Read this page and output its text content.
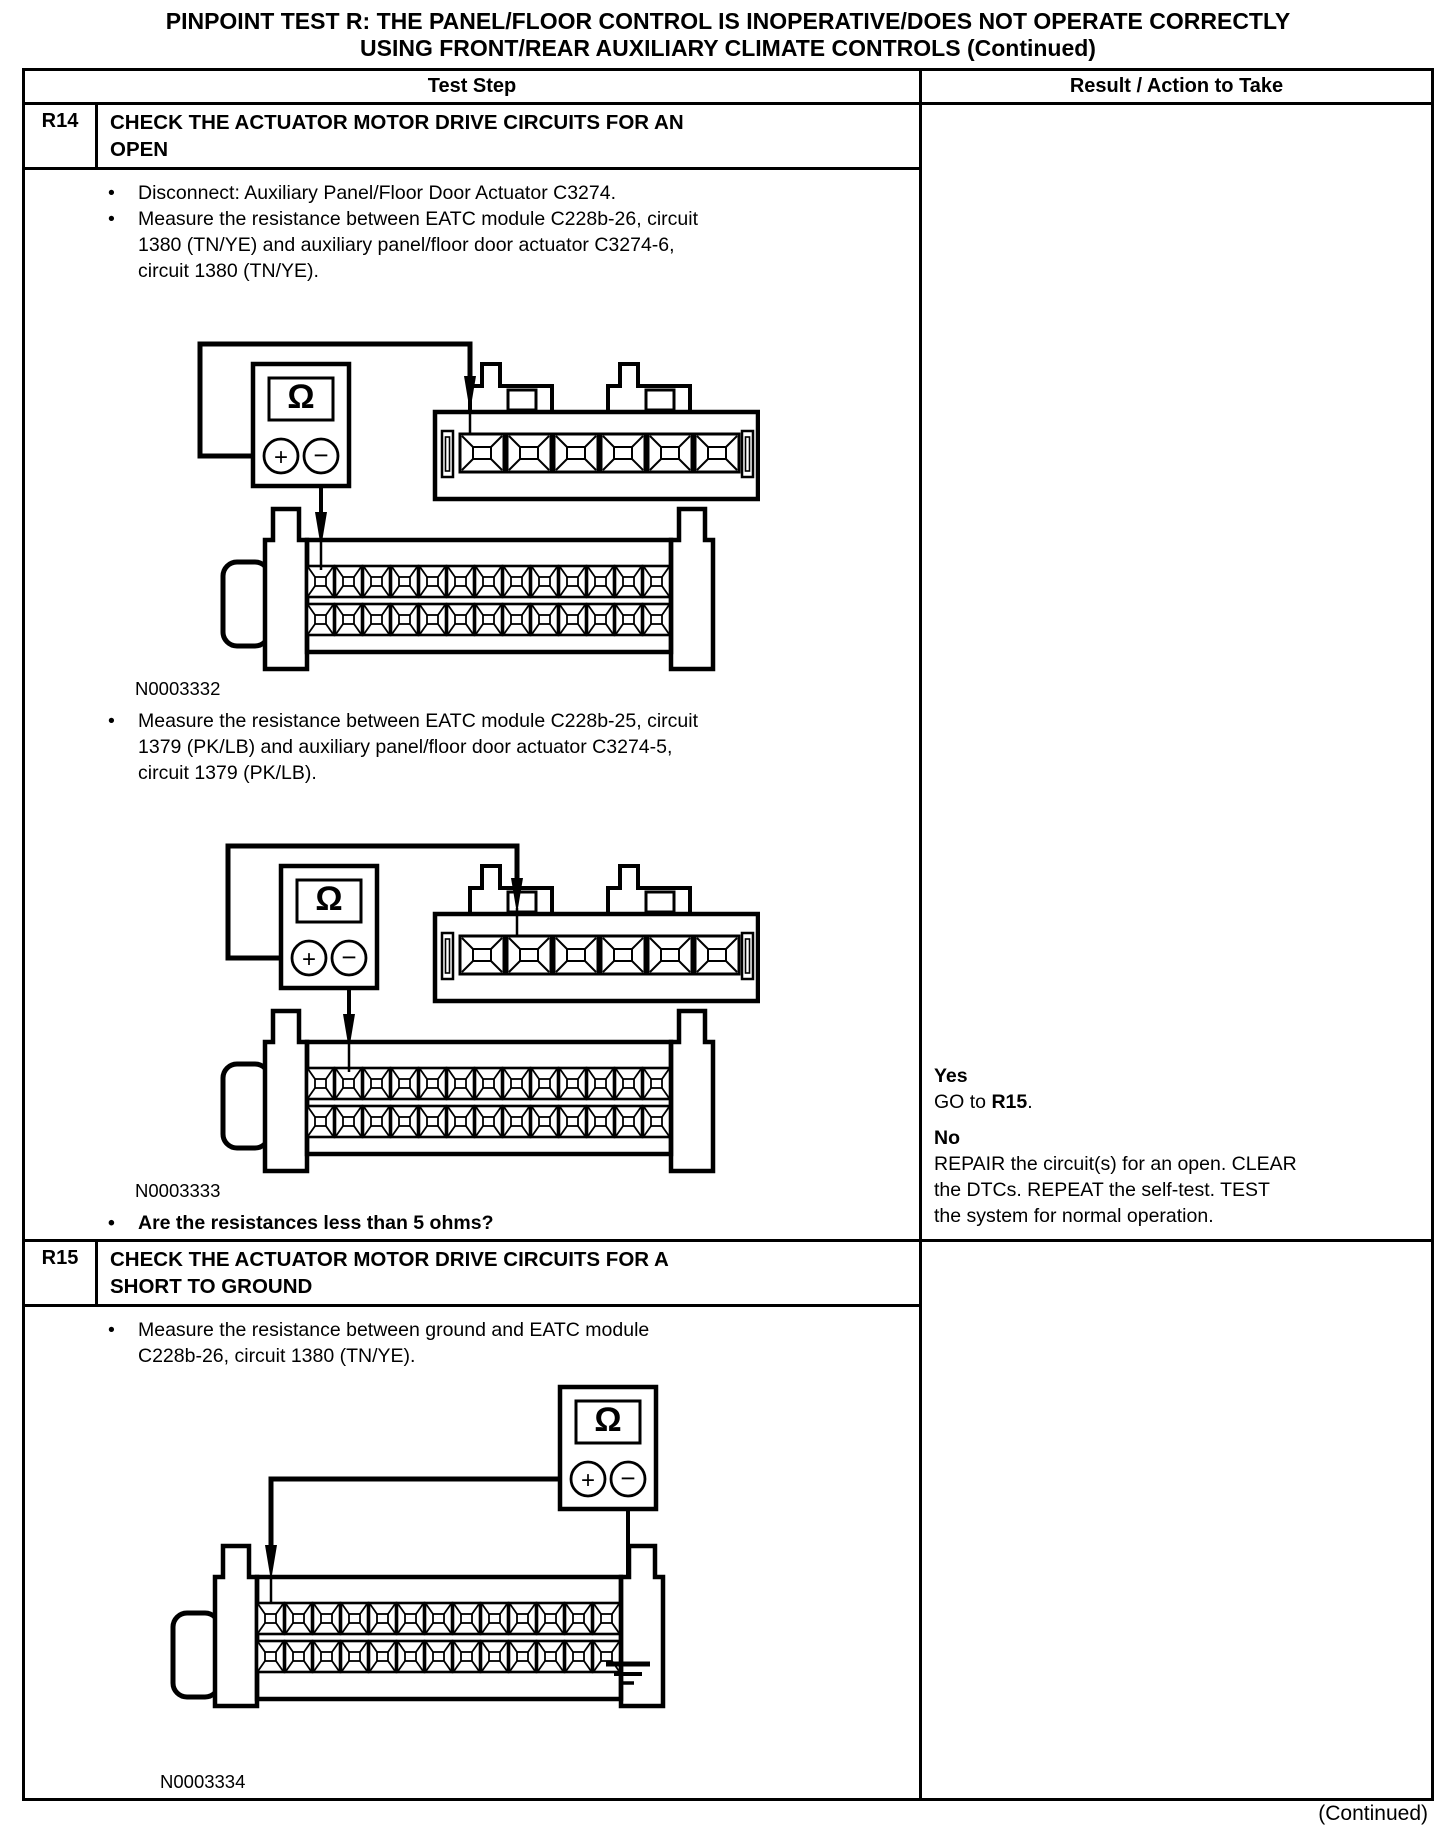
PINPOINT TEST R: THE PANEL/FLOOR CONTROL IS INOPERATIVE/DOES NOT OPERATE CORRECTLY
USING FRONT/REAR AUXILIARY CLIMATE CONTROLS (Continued)
Test Step	Result / Action to Take
R14	CHECK THE ACTUATOR MOTOR DRIVE CIRCUITS FOR AN
OPEN
•	Disconnect: Auxiliary Panel/Floor Door Actuator C3274.
•	Measure the resistance between EATC module C228b-26, circuit
1380 (TN/YE) and auxiliary panel/floor door actuator C3274-6,
circuit 1380 (TN/YE).
Ω
+ −
N0003332
•	Measure the resistance between EATC module C228b-25, circuit
1379 (PK/LB) and auxiliary panel/floor door actuator C3274-5,
circuit 1379 (PK/LB).
Ω
+ −
N0003333
•	Are the resistances less than 5 ohms?
Yes
GO to R15.
No
REPAIR the circuit(s) for an open. CLEAR
the DTCs. REPEAT the self-test. TEST
the system for normal operation.
R15	CHECK THE ACTUATOR MOTOR DRIVE CIRCUITS FOR A
SHORT TO GROUND
•	Measure the resistance between ground and EATC module
C228b-26, circuit 1380 (TN/YE).
Ω
+ −
N0003334
(Continued)
